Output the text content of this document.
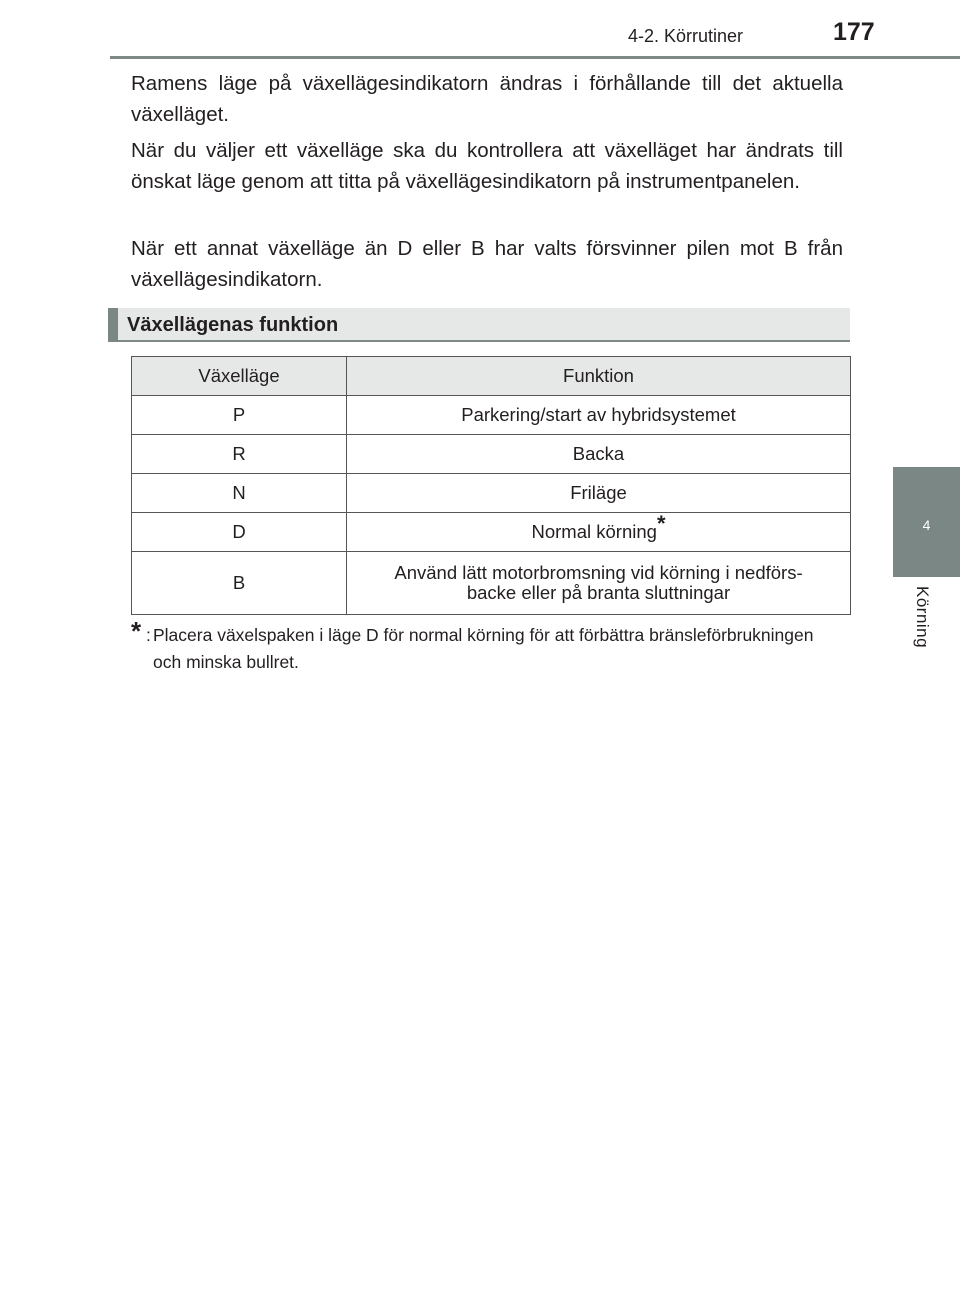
4-2. Körrutiner	177
4
Körning

Ramens läge på växellägesindikatorn ändras i förhållande till det aktuella växelläget.

När du väljer ett växelläge ska du kontrollera att växelläget har ändrats till önskat läge genom att titta på växellägesindikatorn på instrumentpanelen.

När ett annat växelläge än D eller B har valts försvinner pilen mot B från växellägesindikatorn.

Växellägenas funktion
Växelläge	Funktion
P	Parkering/start av hybridsystemet
R	Backa
N	Friläge
D	Normal körning*
B	Använd lätt motorbromsning vid körning i nedförs-
backe eller på branta sluttningar
* : Placera växelspaken i läge D för normal körning för att förbättra bränsleförbrukningen och minska bullret.
